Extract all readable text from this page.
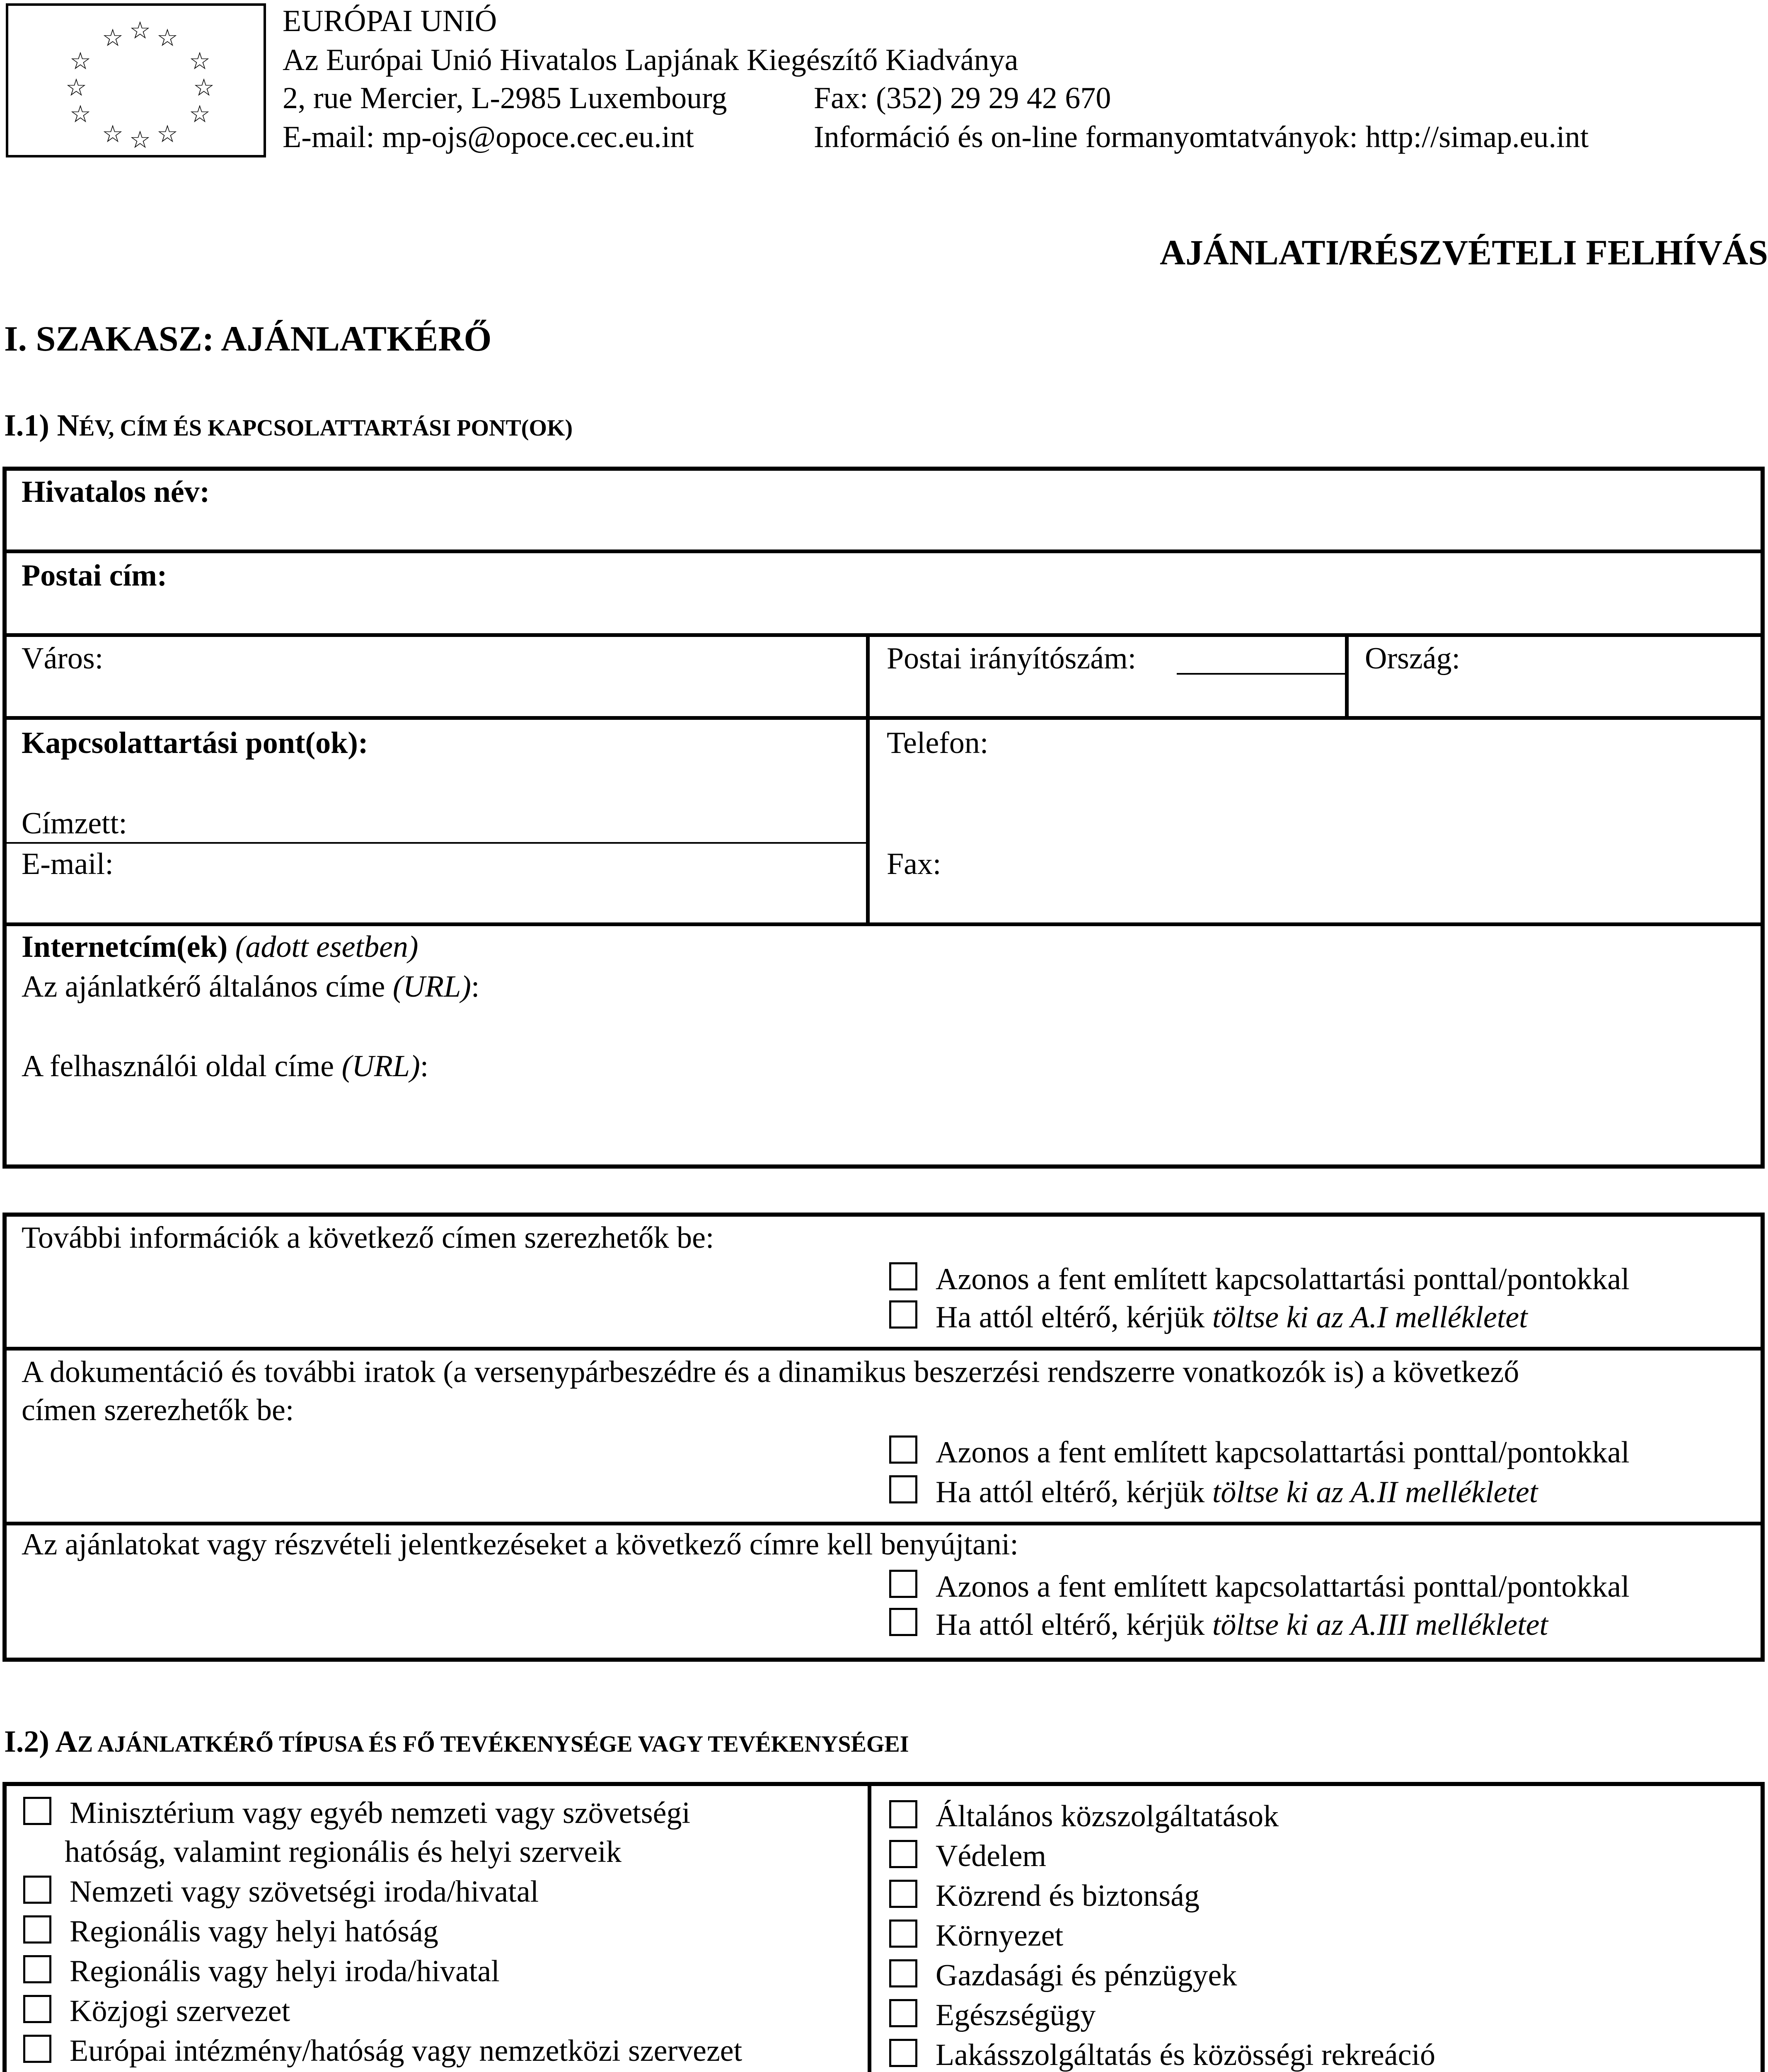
☆ ☆ ☆
☆	☆
☆	☆
☆	☆
☆ ☆ ☆
EURÓPAI UNIÓ
Az Európai Unió Hivatalos Lapjának Kiegészítő Kiadványa
2, rue Mercier, L-2985 Luxembourg	Fax: (352) 29 29 42 670
E-mail: mp-ojs@opoce.cec.eu.int	Információ és on-line formanyomtatványok: http://simap.eu.int
AJÁNLATI/RÉSZVÉTELI FELHÍVÁS
I. SZAKASZ: AJÁNLATKÉRŐ
I.1) NÉV, CÍM ÉS KAPCSOLATTARTÁSI PONT(OK)
Hivatalos név:
Postai cím:
Város:	Postai irányítószám:	Ország:
Kapcsolattartási pont(ok):	Telefon:
Címzett:
E-mail:	Fax:
Internetcím(ek) (adott esetben)
Az ajánlatkérő általános címe (URL):
A felhasználói oldal címe (URL):
További információk a következő címen szerezhetők be:
Azonos a fent említett kapcsolattartási ponttal/pontokkal
Ha attól eltérő, kérjük töltse ki az A.I mellékletet
A dokumentáció és további iratok (a versenypárbeszédre és a dinamikus beszerzési rendszerre vonatkozók is) a következő
címen szerezhetők be:
Azonos a fent említett kapcsolattartási ponttal/pontokkal
Ha attól eltérő, kérjük töltse ki az A.II mellékletet
Az ajánlatokat vagy részvételi jelentkezéseket a következő címre kell benyújtani:
Azonos a fent említett kapcsolattartási ponttal/pontokkal
Ha attól eltérő, kérjük töltse ki az A.III mellékletet
I.2) AZ AJÁNLATKÉRŐ TÍPUSA ÉS FŐ TEVÉKENYSÉGE VAGY TEVÉKENYSÉGEI
Minisztérium vagy egyéb nemzeti vagy szövetségi
hatóság, valamint regionális és helyi szerveik
Nemzeti vagy szövetségi iroda/hivatal
Regionális vagy helyi hatóság
Regionális vagy helyi iroda/hivatal
Közjogi szervezet
Európai intézmény/hatóság vagy nemzetközi szervezet
Általános közszolgáltatások
Védelem
Közrend és biztonság
Környezet
Gazdasági és pénzügyek
Egészségügy
Lakásszolgáltatás és közösségi rekreáció
